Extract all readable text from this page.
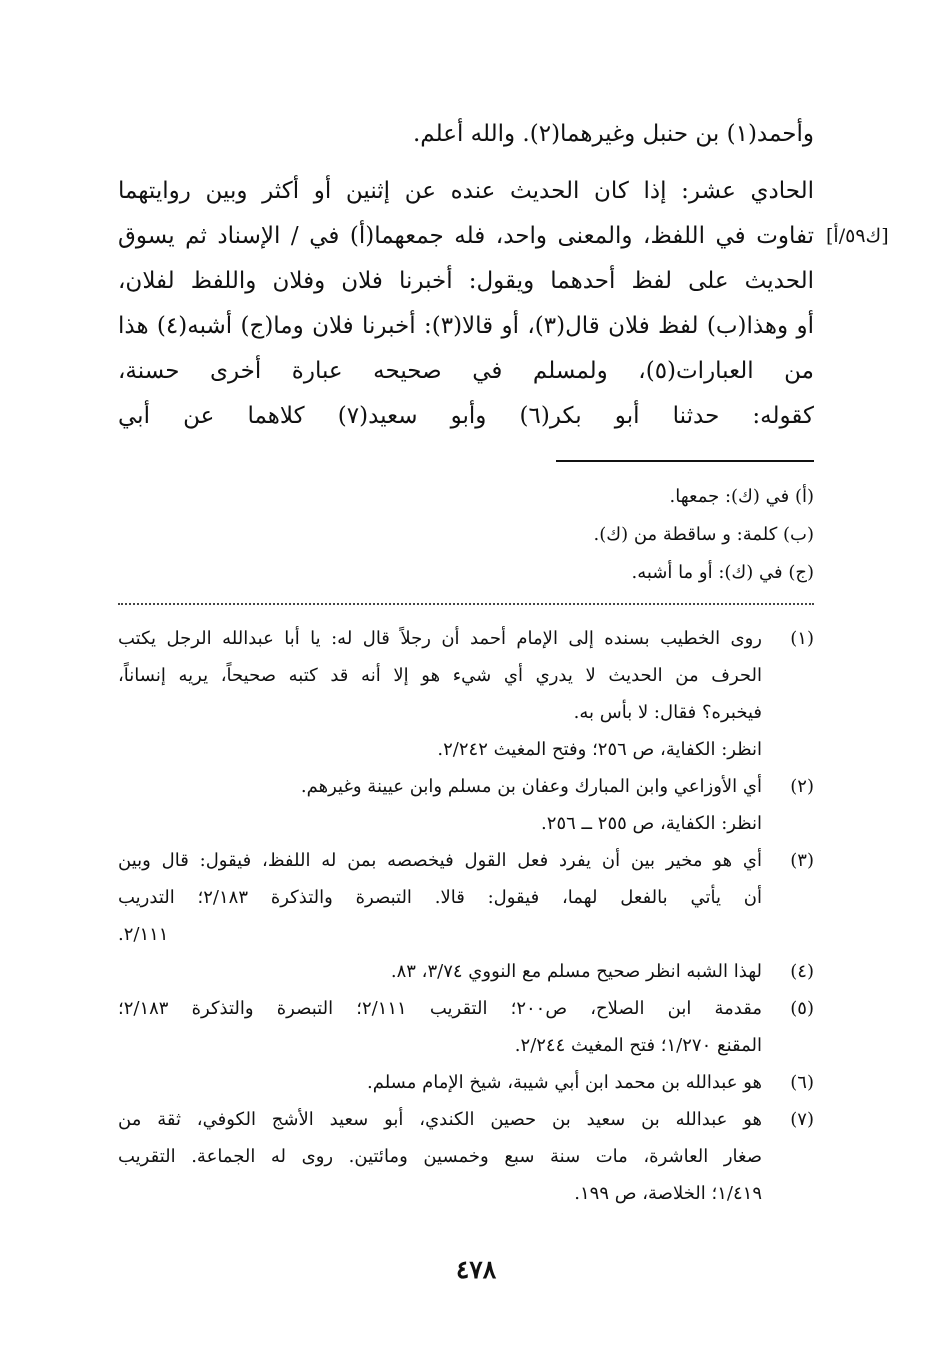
وأحمد(١) بن حنبل وغيرهما(٢). والله أعلم.
الحادي عشر: إذا كان الحديث عنده عن إثنين أو أكثر وبين روايتهما
تفاوت في اللفظ، والمعنى واحد، فله جمعهما(أ) في / الإسناد ثم يسوق
الحديث على لفظ أحدهما ويقول: أخبرنا فلان وفلان واللفظ لفلان،
أو وهذا(ب) لفظ فلان قال(٣)، أو قالا(٣): أخبرنا فلان وما(ج) أشبه(٤) هذا
من العبارات(٥)، ولمسلم في صحيحه عبارة أخرى حسنة،
كقوله: حدثنا أبو بكر(٦) وأبو سعيد(٧) كلاهما عن أبي
[ك٥٩/أ]
(أ) في (ك): جمعها.
(ب) كلمة: و ساقطة من (ك).
(ج) في (ك): أو ما أشبه.
(١)
روى الخطيب بسنده إلى الإمام أحمد أن رجلاً قال له: يا أبا عبدالله الرجل يكتب
الحرف من الحديث لا يدري أي شيء هو إلا أنه قد كتبه صحيحاً، يريه إنساناً،
فيخبره؟ فقال: لا بأس به.
انظر: الكفاية، ص ٢٥٦؛ وفتح المغيث ٢/٢٤٢.
(٢)
أي الأوزاعي وابن المبارك وعفان بن مسلم وابن عيينة وغيرهم.
انظر: الكفاية، ص ٢٥٥ ــ ٢٥٦.
(٣)
أي هو مخير بين أن يفرد فعل القول فيخصصه بمن له اللفظ، فيقول: قال وبين
أن يأتي بالفعل لهما، فيقول: قالا. التبصرة والتذكرة ٢/١٨٣؛ التدريب
٢/١١١.
(٤)
لهذا الشبه انظر صحيح مسلم مع النووي ٣/٧٤، ٨٣.
(٥)
مقدمة ابن الصلاح، ص٢٠٠؛ التقريب ٢/١١١؛ التبصرة والتذكرة ٢/١٨٣؛
المقنع ١/٢٧٠؛ فتح المغيث ٢/٢٤٤.
(٦)
هو عبدالله بن محمد ابن أبي شيبة، شيخ الإمام مسلم.
(٧)
هو عبدالله بن سعيد بن حصين الكندي، أبو سعيد الأشج الكوفي، ثقة من
صغار العاشرة، مات سنة سبع وخمسين ومائتين. روى له الجماعة. التقريب
١/٤١٩؛ الخلاصة، ص ١٩٩.
٤٧٨
